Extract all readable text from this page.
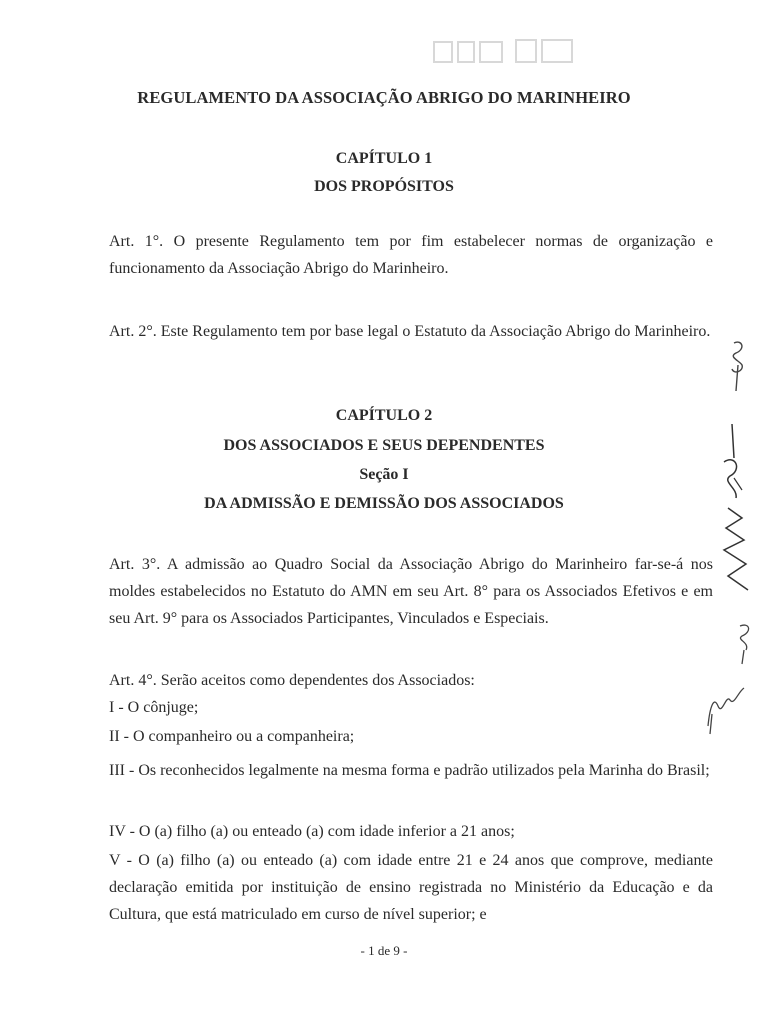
REGULAMENTO DA ASSOCIAÇÃO ABRIGO DO MARINHEIRO
CAPÍTULO 1
DOS PROPÓSITOS
Art. 1°. O presente Regulamento tem por fim estabelecer normas de organização e funcionamento da Associação Abrigo do Marinheiro.
Art. 2°. Este Regulamento tem por base legal o Estatuto da Associação Abrigo do Marinheiro.
CAPÍTULO 2
DOS ASSOCIADOS E SEUS DEPENDENTES
Seção I
DA ADMISSÃO E DEMISSÃO DOS ASSOCIADOS
Art. 3°. A admissão ao Quadro Social da Associação Abrigo do Marinheiro far-se-á nos moldes estabelecidos no Estatuto do AMN em seu Art. 8° para os Associados Efetivos e em seu Art. 9° para os Associados Participantes, Vinculados e Especiais.
Art. 4°. Serão aceitos como dependentes dos Associados:
I - O cônjuge;
II - O companheiro ou a companheira;
III - Os reconhecidos legalmente na mesma forma e padrão utilizados pela Marinha do Brasil;
IV - O (a) filho (a) ou enteado (a) com idade inferior a 21 anos;
V - O (a) filho (a) ou enteado (a) com idade entre 21 e 24 anos que comprove, mediante declaração emitida por instituição de ensino registrada no Ministério da Educação e da Cultura, que está matriculado em curso de nível superior; e
- 1 de 9 -
